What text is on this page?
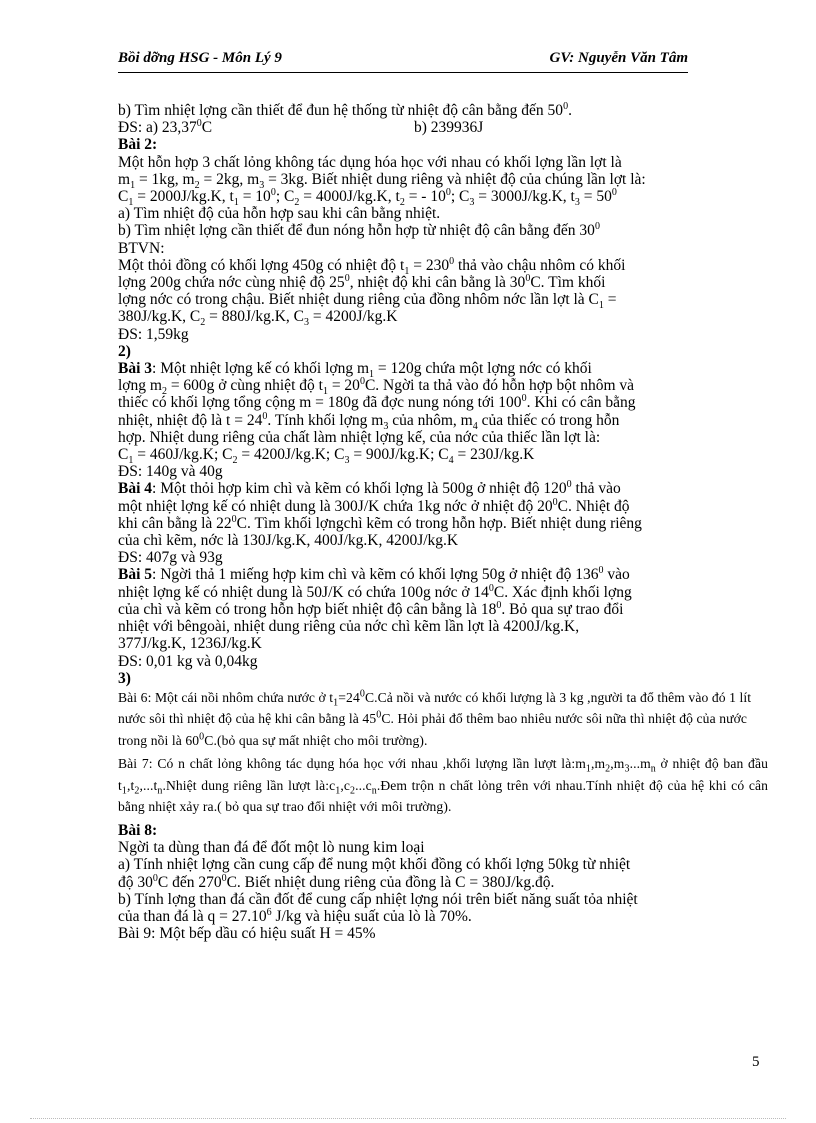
Bồi dỡng HSG - Môn Lý 9	GV: Nguyễn Văn Tâm

b) Tìm nhiệt lợng cần thiết để đun hệ thống từ nhiệt độ cân bằng đến $50^0$.

ĐS: a) 23,37$^0$C	b) 239936J

Bài 2:

Một hỗn hợp 3 chất lỏng không tác dụng hóa học với nhau có khối lợng lần lợt là

$m_1 = 1kg$, $m_2 = 2kg$, $m_3 = 3kg$. Biết nhiệt dung riêng và nhiệt độ của chúng lần lợt là:

$C_1 = 2000J/kg.K$, $t_1 = 10^0$; $C_2 = 4000J/kg.K$, $t_2$ = - $10^0$; $C_3 = 3000J/kg.K$, $t_3 = 50^0$

a) Tìm nhiệt độ của hỗn hợp sau khi cân bằng nhiệt.

b) Tìm nhiệt lợng cần thiết để đun nóng hỗn hợp từ nhiệt độ cân bằng đến $30^0$

BTVN:

Một thỏi đồng có khối lợng 450g có nhiệt độ $t_1 = 230^0$ thả vào chậu nhôm có khối

lợng 200g chứa nớc cùng nhiệ độ $25^0$, nhiệt độ khi cân bằng là $30^0C$. Tìm khối

lợng nớc có trong chậu. Biết nhiệt dung riêng của đồng nhôm nớc lần lợt là $C_1$ =

380J/kg.K, $C_2 = 880J/kg.K$, $C_3 = 4200J/kg.K$

ĐS: 1,59kg

2)

Bài 3: Một nhiệt lợng kế có khối lợng $m_1 = 120g$ chứa một lợng nớc có khối

lợng $m_2 = 600g$ ở cùng nhiệt độ $t_1 = 20^0C$. Ngời ta thả vào đó hỗn hợp bột nhôm và

thiếc có khối lợng tổng cộng m = 180g đã đợc nung nóng tới $100^0$. Khi có cân bằng

nhiệt, nhiệt độ là $t = 24^0$. Tính khối lợng $m_3$ của nhôm, $m_4$ của thiếc có trong hỗn

hợp. Nhiệt dung riêng của chất làm nhiệt lợng kế, của nớc của thiếc lần lợt là:

$C_1 = 460J/kg.K$; $C_2 = 4200J/kg.K$; $C_3 = 900J/kg.K$; $C_4 = 230J/kg.K$

ĐS: 140g và 40g

Bài 4: Một thỏi hợp kim chì và kẽm có khối lợng là 500g ở nhiệt độ $120^0$ thả vào

một nhiệt lợng kế có nhiệt dung là 300J/K chứa 1kg nớc ở nhiệt độ $20^0C$. Nhiệt độ

khi cân bằng là $22^0C$. Tìm khối lợngchì kẽm có trong hỗn hợp. Biết nhiệt dung riêng

của chì kẽm, nớc là 130J/kg.K, 400J/kg.K, 4200J/kg.K

ĐS: 407g và 93g

Bài 5: Ngời thả 1 miếng hợp kim chì và kẽm có khối lợng 50g ở nhiệt độ $136^0$ vào

nhiệt lợng kế có nhiệt dung là 50J/K có chứa 100g nớc ở $14^0C$. Xác định khối lợng

của chì và kẽm có trong hỗn hợp biết nhiệt độ cân bằng là $18^0$. Bỏ qua sự trao đổi

nhiệt với bêngoài, nhiệt dung riêng của nớc chì kẽm lần lợt là 4200J/kg.K,

377J/kg.K, 1236J/kg.K

ĐS: 0,01 kg và 0,04kg

3)

Bài 6: Một cái nồi nhôm chứa nước ở $t_1=24^0C.Cả$ nồi và nước có khối lượng là 3 kg ,người ta đổ thêm vào đó 1 lít nước sôi thì nhiệt độ của hệ khi cân bằng là $45^0C$. Hỏi phải đổ thêm bao nhiêu nước sôi nữa thì nhiệt độ của nước trong nồi là $60^0C.(bỏ$ qua sự mất nhiệt cho môi trường).

Bài 7: Có n chất lỏng không tác dụng hóa học với nhau ,khối lượng lần lượt $là:m_1,m_2,m_3...m_n$ ở nhiệt độ ban đầu $t_1,t_2,...t_n.Nhiệt$ dung riêng lần lượt $là:c_1,c_2...c_n.Đem$ trộn n chất lỏng trên với nhau.Tính nhiệt độ của hệ khi có cân bằng nhiệt xảy ra.( bỏ qua sự trao đổi nhiệt với môi trường).

Bài 8:

Ngời ta dùng than đá để đốt một lò nung kim loại

a) Tính nhiệt lợng cần cung cấp để nung một khối đồng có khối lợng 50kg từ nhiệt

độ $30^0C$ đến $270^0C$. Biết nhiệt dung riêng của đồng là C = 380J/kg.độ.

b) Tính lợng than đá cần đốt để cung cấp nhiệt lợng nói trên biết năng suất tỏa nhiệt

của than đá là $q = 27.10^6$ J/kg và hiệu suất của lò là 70%.

Bài 9: Một bếp dầu có hiệu suất H = 45%

5
